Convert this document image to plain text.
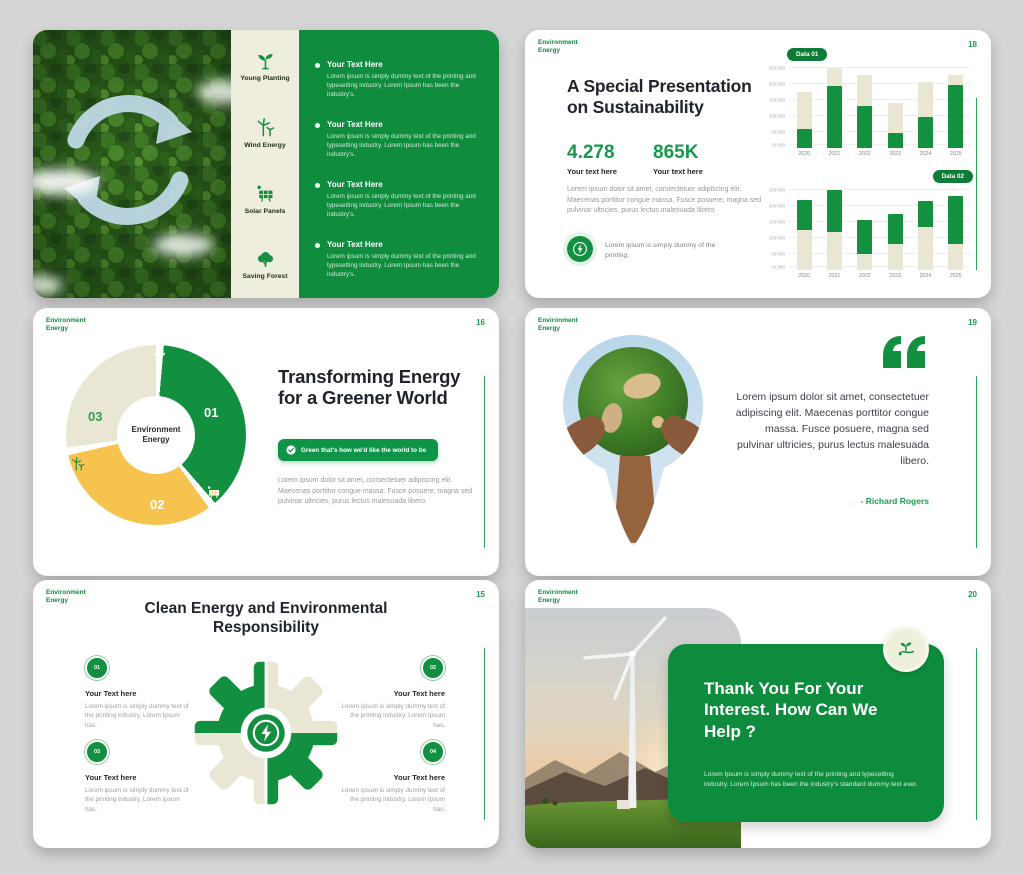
Young Planting
Wind Energy
Solar Panels
Saving Forest
Your Text Here
Lorem ipsum is simply dummy text of the printing and typesetting industry. Lorem Ipsum has been the industry's.
Your Text Here
Lorem ipsum is simply dummy text of the printing and typesetting industry. Lorem Ipsum has been the industry's.
Your Text Here
Lorem ipsum is simply dummy text of the printing and typesetting industry. Lorem Ipsum has been the industry's.
Your Text Here
Lorem ipsum is simply dummy text of the printing and typesetting industry. Lorem Ipsum has been the industry's.
Environment
Energy
18
A Special Presentation on Sustainability
4.278
Your text here
865K
Your text here
Lorem ipsum dolor sit amet, consectetuer adipiscing elit. Maecenas porttitor congue massa. Fusce posuere, magna sed pulvinar ultricies, purus lectus malesuada libero.
Lorem ipsum is simply dummy of the printing.
Data 01
250.000
200.000
150.000
100.000
50.000
10.000
2020	2021	2022	2023	2024	2025
Data 02
250.000
200.000
150.000
100.000
50.000
10.000
2020	2021	2022	2023	2024	2025
Environment
Energy
16
Environment
Energy
01
02
03
Transforming Energy for a Greener World
Green that's how we'd like the world to be
Lorem ipsum dolor sit amet, consectetuer adipiscing elit. Maecenas porttitor congue massa. Fusce posuere, magna sed pulvinar ultricies, purus lectus malesuada libero.
Environment
Energy
19
Lorem ipsum dolor sit amet, consectetuer adipiscing elit. Maecenas porttitor congue massa. Fusce posuere, magna sed pulvinar ultricies, purus lectus malesuada libero.
- Richard Rogers
Environment
Energy
15
Clean Energy and Environmental Responsibility
01
Your Text here
Lorem ipsum is simply dummy text of the printing industry. Lorem Ipsum has.
02
Your Text here
Lorem ipsum is simply dummy text of the printing industry. Lorem Ipsum has.
03
Your Text here
Lorem ipsum is simply dummy text of the printing industry. Lorem Ipsum has.
04
Your Text here
Lorem ipsum is simply dummy text of the printing industry. Lorem Ipsum has.
Environment
Energy
20
Thank You For Your Interest. How Can We Help ?
Lorem Ipsum is simply dummy text of the printing and typesetting industry. Lorem Ipsum has been the industry's standard dummy text ever.
